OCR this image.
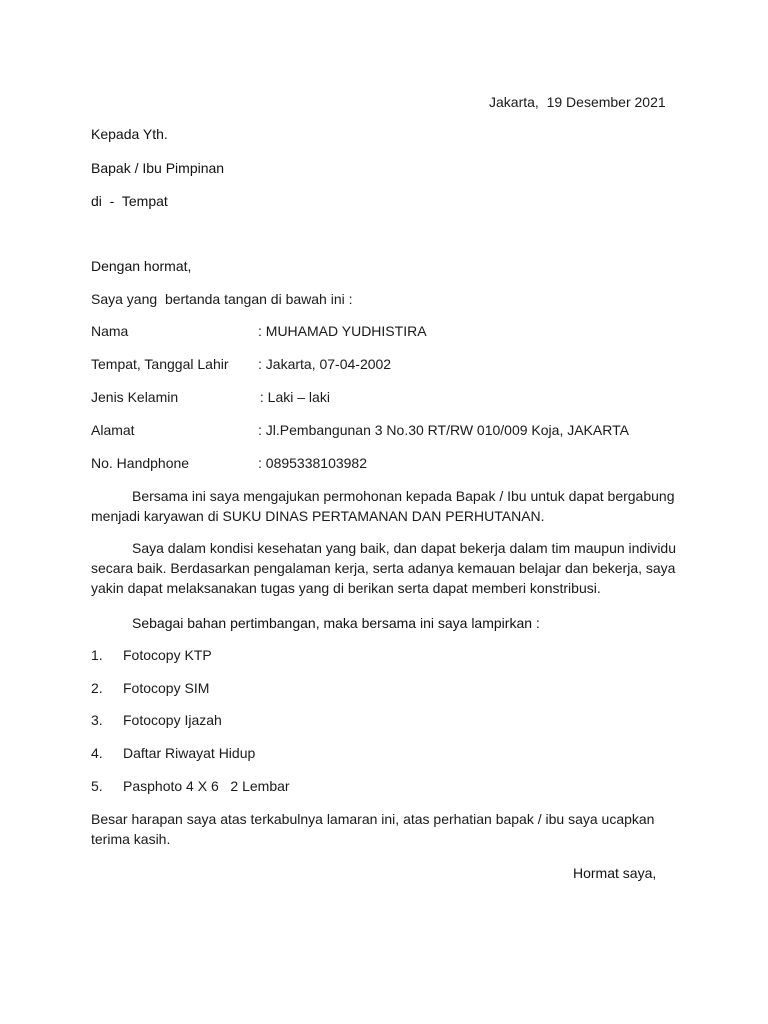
Jakarta,  19 Desember 2021
Kepada Yth.
Bapak / Ibu Pimpinan
di  -  Tempat
Dengan hormat,
Saya yang  bertanda tangan di bawah ini :
Nama	: MUHAMAD YUDHISTIRA
Tempat, Tanggal Lahir : Jakarta, 07-04-2002
Jenis Kelamin	: Laki – laki
Alamat	: Jl.Pembangunan 3 No.30 RT/RW 010/009 Koja, JAKARTA
No. Handphone	: 0895338103982
Bersama ini saya mengajukan permohonan kepada Bapak / Ibu untuk dapat bergabung menjadi karyawan di SUKU DINAS PERTAMANAN DAN PERHUTANAN.
Saya dalam kondisi kesehatan yang baik, dan dapat bekerja dalam tim maupun individu secara baik. Berdasarkan pengalaman kerja, serta adanya kemauan belajar dan bekerja, saya yakin dapat melaksanakan tugas yang di berikan serta dapat memberi konstribusi.
Sebagai bahan pertimbangan, maka bersama ini saya lampirkan :
1. Fotocopy KTP
2. Fotocopy SIM
3. Fotocopy Ijazah
4. Daftar Riwayat Hidup
5. Pasphoto 4 X 6   2 Lembar
Besar harapan saya atas terkabulnya lamaran ini, atas perhatian bapak / ibu saya ucapkan terima kasih.
Hormat saya,
